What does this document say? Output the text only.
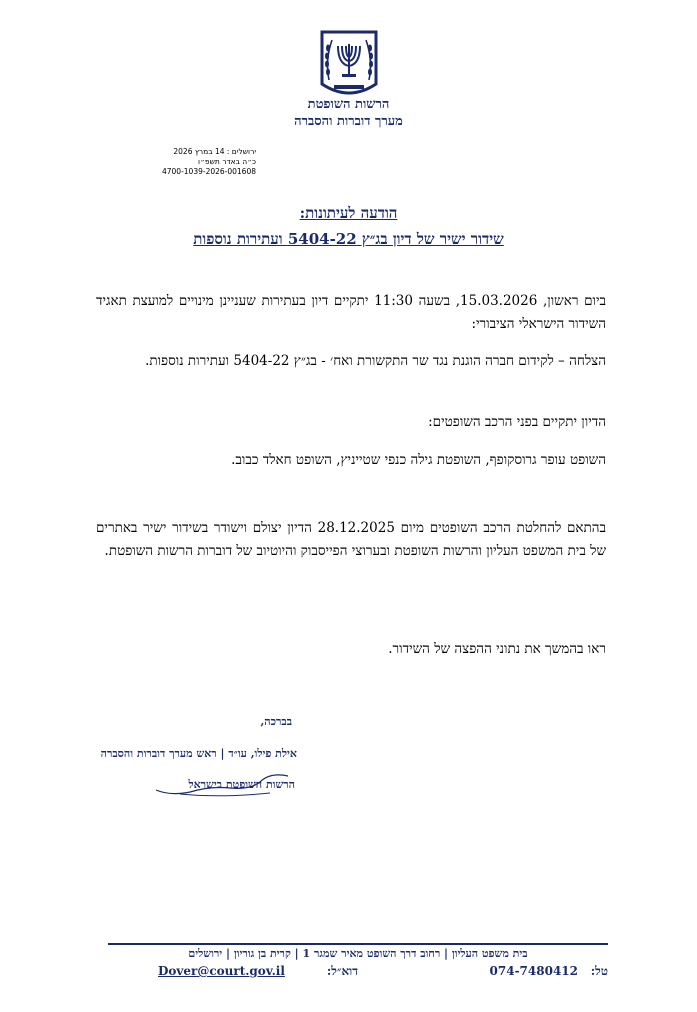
הרשות השופטת
מערך דוברות והסברה
ירושלים : 14 במרץ 2026
כ״ה באדר תשפ״ו
4700-1039-2026-001608
הודעה לעיתונות:
שידור ישיר של דיון בג״ץ 5404-22 ועתירות נוספות
ביום ראשון, 15.03.2026, בשעה 11:30 יתקיים דיון בעתירות שעניינן מינויים למועצת תאגיד השידור הישראלי הציבורי:
הצלחה – לקידום חברה הוגנת נגד שר התקשורת ואח׳ - בג״ץ 5404-22 ועתירות נוספות.
הדיון יתקיים בפני הרכב השופטים:
השופט עופר גרוסקופף, השופטת גילה כנפי שטייניץ, השופט חאלד כבוב.
בהתאם להחלטת הרכב השופטים מיום 28.12.2025 הדיון יצולם וישודר בשידור ישיר באתרים של בית המשפט העליון והרשות השופטת ובערוצי הפייסבוק והיוטיוב של דוברות הרשות השופטת.
ראו בהמשך את נתוני ההפצה של השידור.
בברכה,
אילת פילו, עו״ד | ראש מערך דוברות והסברה
הרשות השופטת בישראל
בית משפט העליון | רחוב דרך השופט מאיר שמגר 1 | קרית בן גוריון | ירושלים
טל:
074-7480412
דוא״ל:
Dover@court.gov.il
